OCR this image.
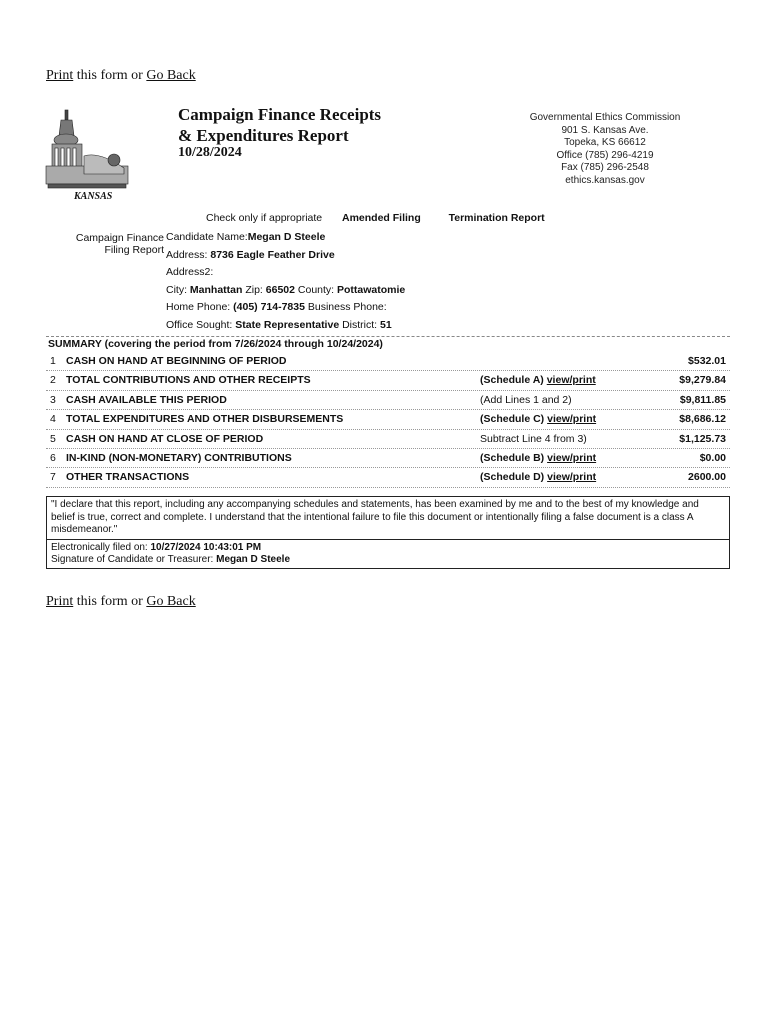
Print this form or Go Back
KANSAS
Campaign Finance Receipts
& Expenditures Report
10/28/2024
Governmental Ethics Commission
901 S. Kansas Ave.
Topeka, KS 66612
Office (785) 296-4219
Fax (785) 296-2548
ethics.kansas.gov
Check only if appropriate Amended Filing	Termination Report
Campaign Finance
Filing Report
Candidate Name:Megan D Steele
Address: 8736 Eagle Feather Drive
Address2:
City: Manhattan Zip: 66502 County: Pottawatomie
Home Phone: (405) 714-7835 Business Phone:
Office Sought: State Representative District: 51
SUMMARY (covering the period from 7/26/2024 through 10/24/2024)
1 CASH ON HAND AT BEGINNING OF PERIOD	$532.01
2 TOTAL CONTRIBUTIONS AND OTHER RECEIPTS	(Schedule A) view/print	$9,279.84
3 CASH AVAILABLE THIS PERIOD	(Add Lines 1 and 2)	$9,811.85
4 TOTAL EXPENDITURES AND OTHER DISBURSEMENTS	(Schedule C) view/print	$8,686.12
5 CASH ON HAND AT CLOSE OF PERIOD	Subtract Line 4 from 3)	$1,125.73
6 IN-KIND (NON-MONETARY) CONTRIBUTIONS	(Schedule B) view/print	$0.00
7 OTHER TRANSACTIONS	(Schedule D) view/print	2600.00
"I declare that this report, including any accompanying schedules and statements, has been examined by me and to the best of my knowledge and belief is true, correct and complete. I understand that the intentional failure to file this document or intentionally filing a false document is a class A misdemeanor."
Electronically filed on: 10/27/2024 10:43:01 PM
Signature of Candidate or Treasurer: Megan D Steele
Print this form or Go Back
